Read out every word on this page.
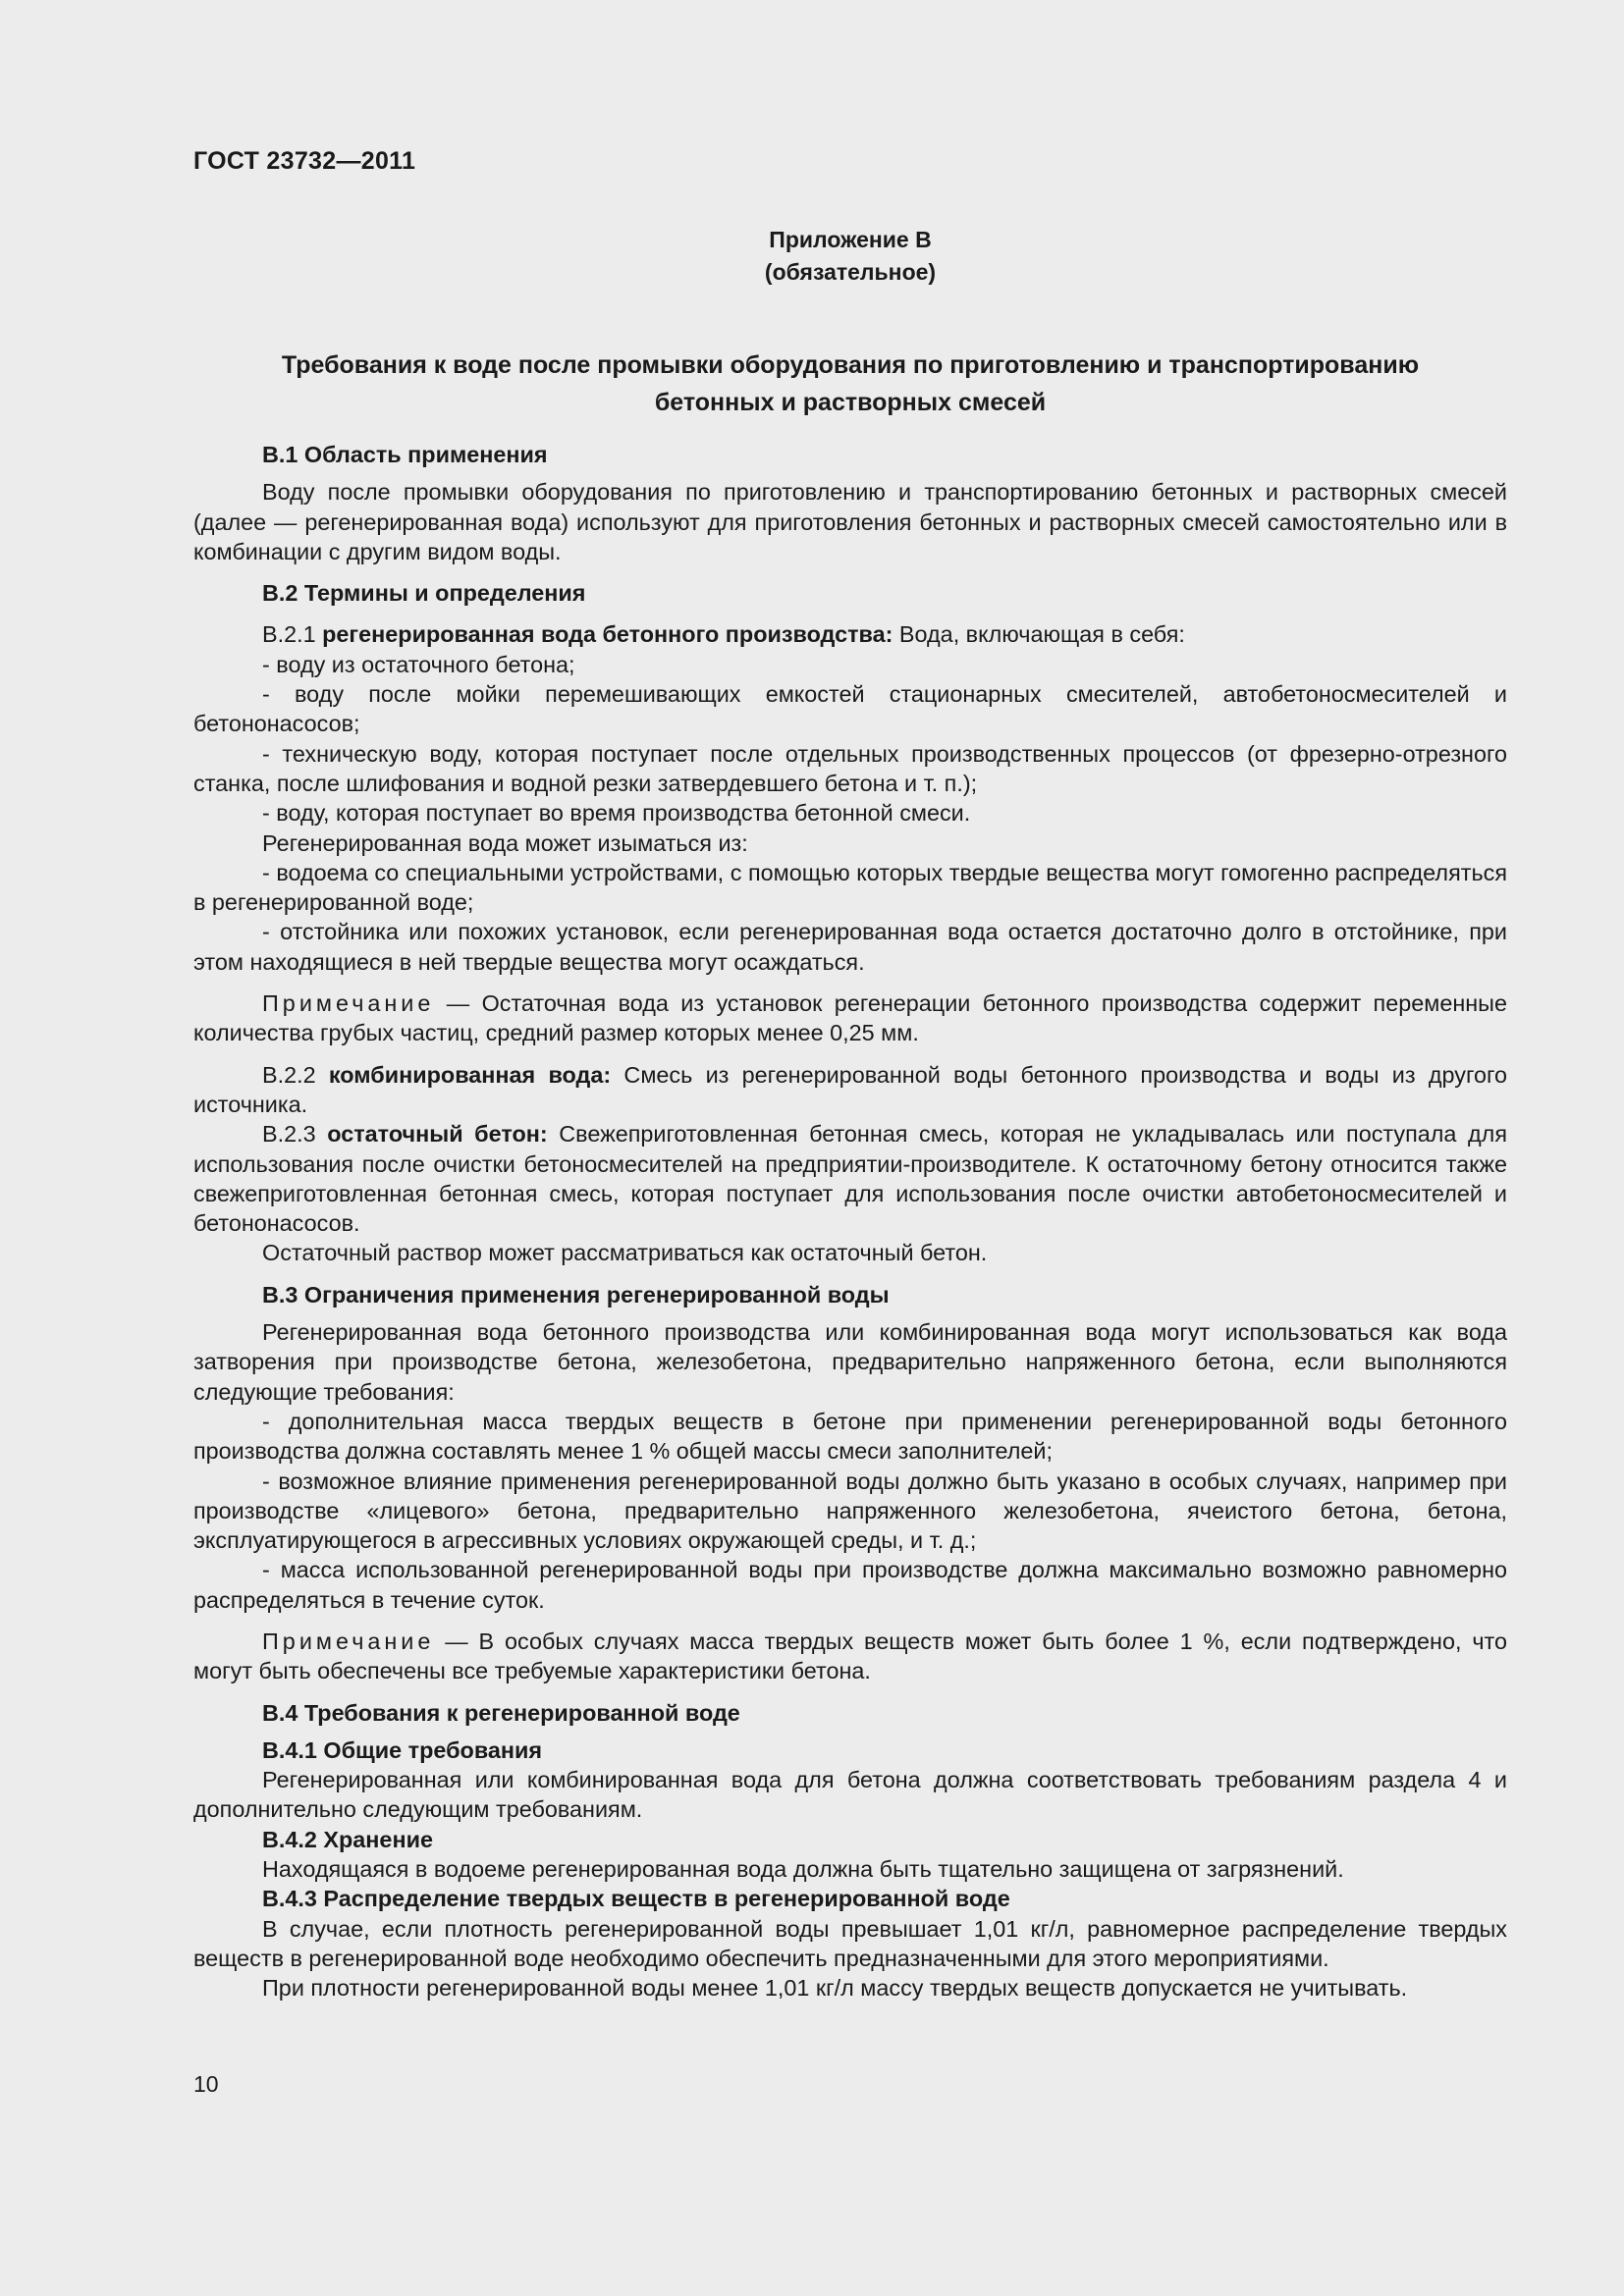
ГОСТ 23732—2011
Приложение В
(обязательное)
Требования к воде после промывки оборудования по приготовлению и транспортированию
бетонных и растворных смесей

В.1 Область применения

Воду после промывки оборудования по приготовлению и транспортированию бетонных и растворных смесей (далее — регенерированная вода) используют для приготовления бетонных и растворных смесей самостоятельно или в комбинации с другим видом воды.

В.2 Термины и определения

В.2.1 регенерированная вода бетонного производства: Вода, включающая в себя:

- воду из остаточного бетона;

- воду после мойки перемешивающих емкостей стационарных смесителей, автобетоносмесителей и бетононасосов;

- техническую воду, которая поступает после отдельных производственных процессов (от фрезерно-отрезного станка, после шлифования и водной резки затвердевшего бетона и т. п.);

- воду, которая поступает во время производства бетонной смеси.

Регенерированная вода может изыматься из:

- водоема со специальными устройствами, с помощью которых твердые вещества могут гомогенно распределяться в регенерированной воде;

- отстойника или похожих установок, если регенерированная вода остается достаточно долго в отстойнике, при этом находящиеся в ней твердые вещества могут осаждаться.

Примечание — Остаточная вода из установок регенерации бетонного производства содержит переменные количества грубых частиц, средний размер которых менее 0,25 мм.

В.2.2 комбинированная вода: Смесь из регенерированной воды бетонного производства и воды из другого источника.

В.2.3 остаточный бетон: Свежеприготовленная бетонная смесь, которая не укладывалась или поступала для использования после очистки бетоносмесителей на предприятии-производителе. К остаточному бетону относится также свежеприготовленная бетонная смесь, которая поступает для использования после очистки автобетоносмесителей и бетононасосов.

Остаточный раствор может рассматриваться как остаточный бетон.

В.3 Ограничения применения регенерированной воды

Регенерированная вода бетонного производства или комбинированная вода могут использоваться как вода затворения при производстве бетона, железобетона, предварительно напряженного бетона, если выполняются следующие требования:

- дополнительная масса твердых веществ в бетоне при применении регенерированной воды бетонного производства должна составлять менее 1 % общей массы смеси заполнителей;

- возможное влияние применения регенерированной воды должно быть указано в особых случаях, например при производстве «лицевого» бетона, предварительно напряженного железобетона, ячеистого бетона, бетона, эксплуатирующегося в агрессивных условиях окружающей среды, и т. д.;

- масса использованной регенерированной воды при производстве должна максимально возможно равномерно распределяться в течение суток.

Примечание — В особых случаях масса твердых веществ может быть более 1 %, если подтверждено, что могут быть обеспечены все требуемые характеристики бетона.

В.4 Требования к регенерированной воде

В.4.1 Общие требования

Регенерированная или комбинированная вода для бетона должна соответствовать требованиям раздела 4 и дополнительно следующим требованиям.

В.4.2 Хранение

Находящаяся в водоеме регенерированная вода должна быть тщательно защищена от загрязнений.

В.4.3 Распределение твердых веществ в регенерированной воде

В случае, если плотность регенерированной воды превышает 1,01 кг/л, равномерное распределение твердых веществ в регенерированной воде необходимо обеспечить предназначенными для этого мероприятиями.

При плотности регенерированной воды менее 1,01 кг/л массу твердых веществ допускается не учитывать.

10
